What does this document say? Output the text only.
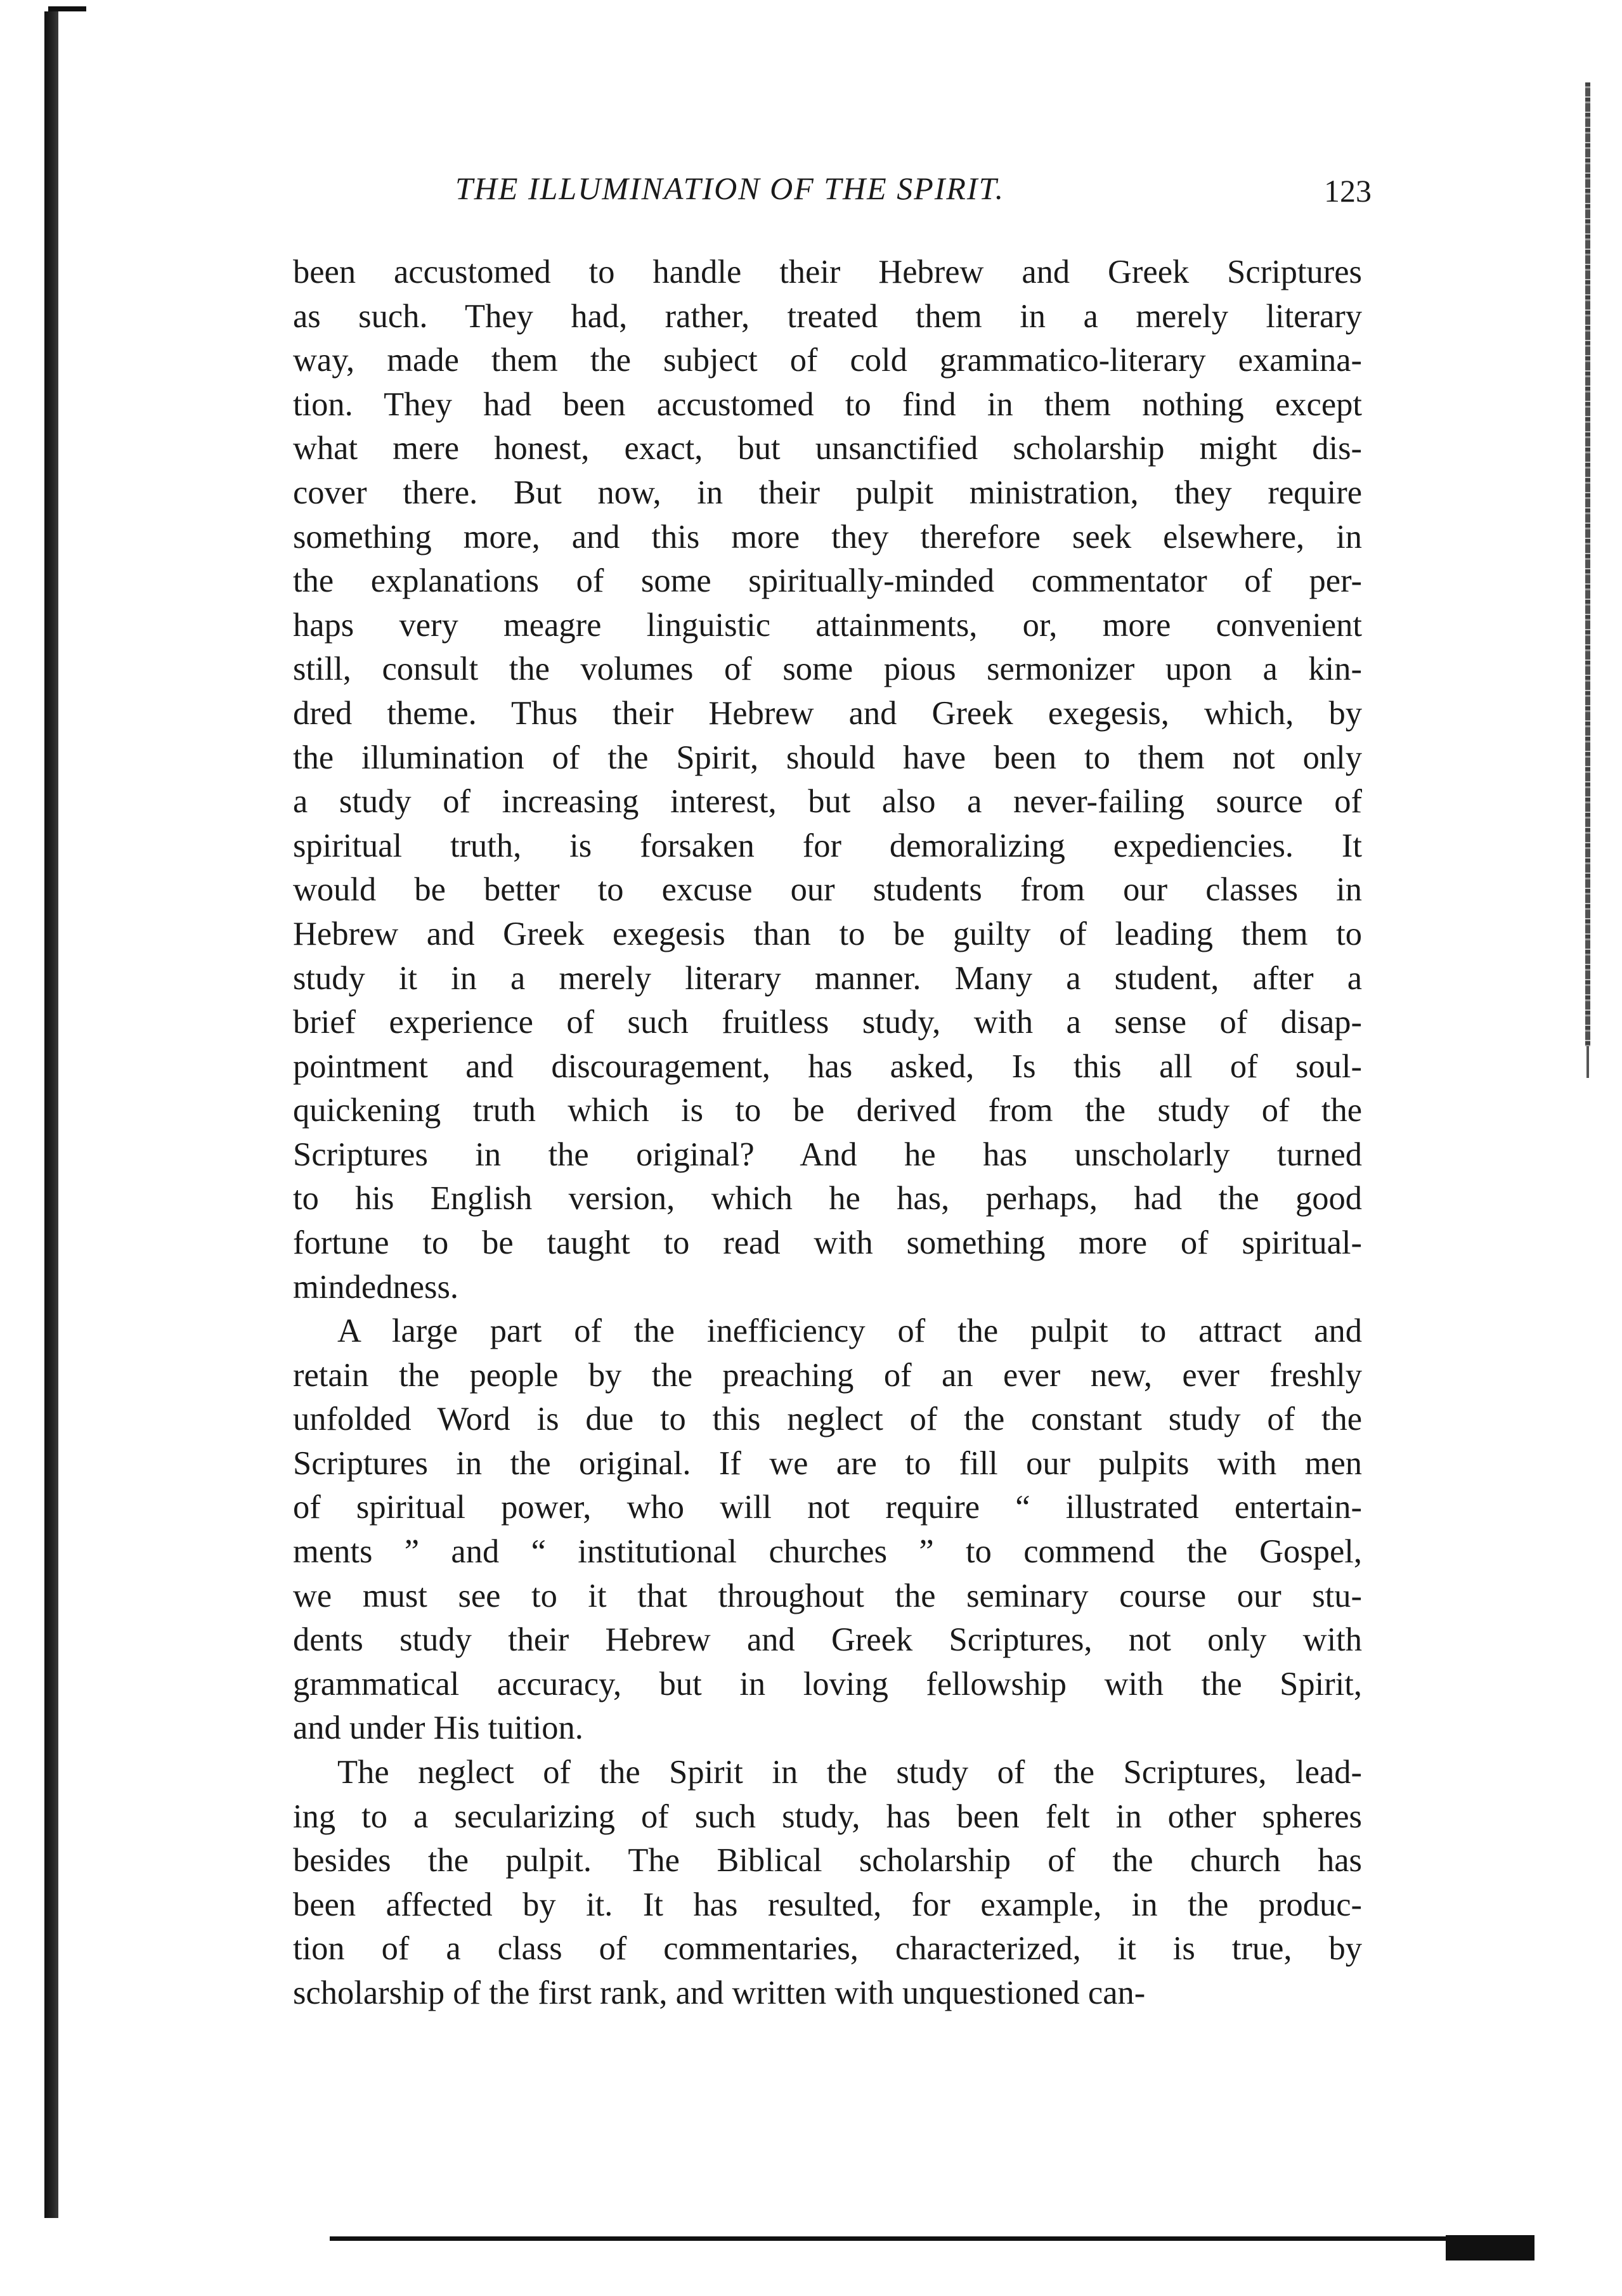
THE ILLUMINATION OF THE SPIRIT.	123
been accustomed to handle their Hebrew and Greek Scriptures
as such. They had, rather, treated them in a merely literary
way, made them the subject of cold grammatico-literary examina-
tion. They had been accustomed to find in them nothing except
what mere honest, exact, but unsanctified scholarship might dis-
cover there. But now, in their pulpit ministration, they require
something more, and this more they therefore seek elsewhere, in
the explanations of some spiritually-minded commentator of per-
haps very meagre linguistic attainments, or, more convenient
still, consult the volumes of some pious sermonizer upon a kin-
dred theme. Thus their Hebrew and Greek exegesis, which, by
the illumination of the Spirit, should have been to them not only
a study of increasing interest, but also a never-failing source of
spiritual truth, is forsaken for demoralizing expediencies. It
would be better to excuse our students from our classes in
Hebrew and Greek exegesis than to be guilty of leading them to
study it in a merely literary manner. Many a student, after a
brief experience of such fruitless study, with a sense of disap-
pointment and discouragement, has asked, Is this all of soul-
quickening truth which is to be derived from the study of the
Scriptures in the original? And he has unscholarly turned
to his English version, which he has, perhaps, had the good
fortune to be taught to read with something more of spiritual-
mindedness.
A large part of the inefficiency of the pulpit to attract and
retain the people by the preaching of an ever new, ever freshly
unfolded Word is due to this neglect of the constant study of the
Scriptures in the original. If we are to fill our pulpits with men
of spiritual power, who will not require “ illustrated entertain-
ments ” and “ institutional churches ” to commend the Gospel,
we must see to it that throughout the seminary course our stu-
dents study their Hebrew and Greek Scriptures, not only with
grammatical accuracy, but in loving fellowship with the Spirit,
and under His tuition.
The neglect of the Spirit in the study of the Scriptures, lead-
ing to a secularizing of such study, has been felt in other spheres
besides the pulpit. The Biblical scholarship of the church has
been affected by it. It has resulted, for example, in the produc-
tion of a class of commentaries, characterized, it is true, by
scholarship of the first rank, and written with unquestioned can-
